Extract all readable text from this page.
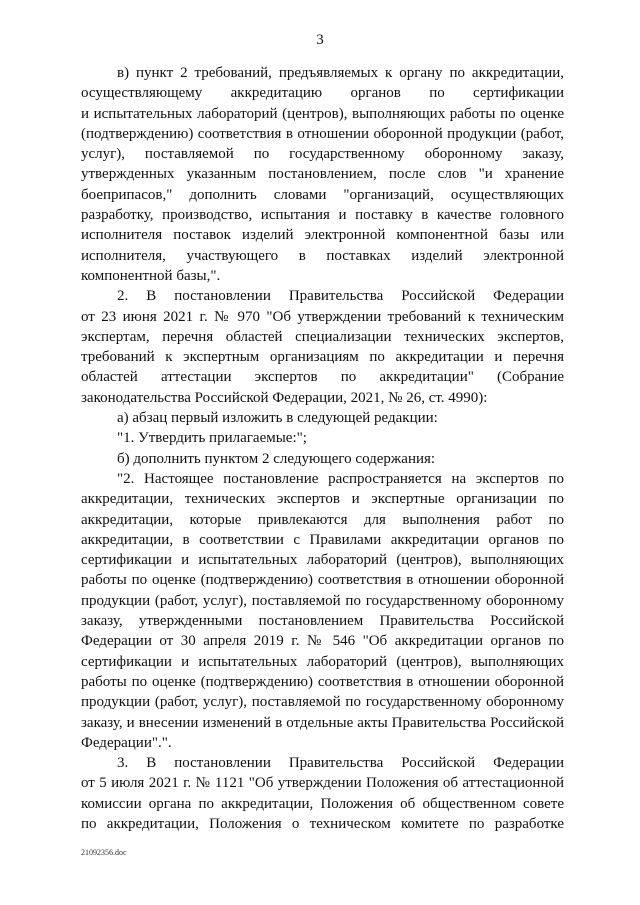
3
в) пункт 2 требований, предъявляемых к органу по аккредитации,
осуществляющему аккредитацию органов по сертификации
и испытательных лабораторий (центров), выполняющих работы по оценке
(подтверждению) соответствия в отношении оборонной продукции (работ,
услуг), поставляемой по государственному оборонному заказу,
утвержденных указанным постановлением, после слов "и хранение
боеприпасов," дополнить словами "организаций, осуществляющих
разработку, производство, испытания и поставку в качестве головного
исполнителя поставок изделий электронной компонентной базы или
исполнителя, участвующего в поставках изделий электронной
компонентной базы,".
2. В постановлении Правительства Российской Федерации
от 23 июня 2021 г. № 970 "Об утверждении требований к техническим
экспертам, перечня областей специализации технических экспертов,
требований к экспертным организациям по аккредитации и перечня
областей аттестации экспертов по аккредитации" (Собрание
законодательства Российской Федерации, 2021, № 26, ст. 4990):
а) абзац первый изложить в следующей редакции:
"1. Утвердить прилагаемые:";
б) дополнить пунктом 2 следующего содержания:
"2. Настоящее постановление распространяется на экспертов по
аккредитации, технических экспертов и экспертные организации по
аккредитации, которые привлекаются для выполнения работ по
аккредитации, в соответствии с Правилами аккредитации органов по
сертификации и испытательных лабораторий (центров), выполняющих
работы по оценке (подтверждению) соответствия в отношении оборонной
продукции (работ, услуг), поставляемой по государственному оборонному
заказу, утвержденными постановлением Правительства Российской
Федерации от 30 апреля 2019 г. № 546 "Об аккредитации органов по
сертификации и испытательных лабораторий (центров), выполняющих
работы по оценке (подтверждению) соответствия в отношении оборонной
продукции (работ, услуг), поставляемой по государственному оборонному
заказу, и внесении изменений в отдельные акты Правительства Российской
Федерации".".
3. В постановлении Правительства Российской Федерации
от 5 июля 2021 г. № 1121 "Об утверждении Положения об аттестационной
комиссии органа по аккредитации, Положения об общественном совете
по аккредитации, Положения о техническом комитете по разработке
21092356.doc
